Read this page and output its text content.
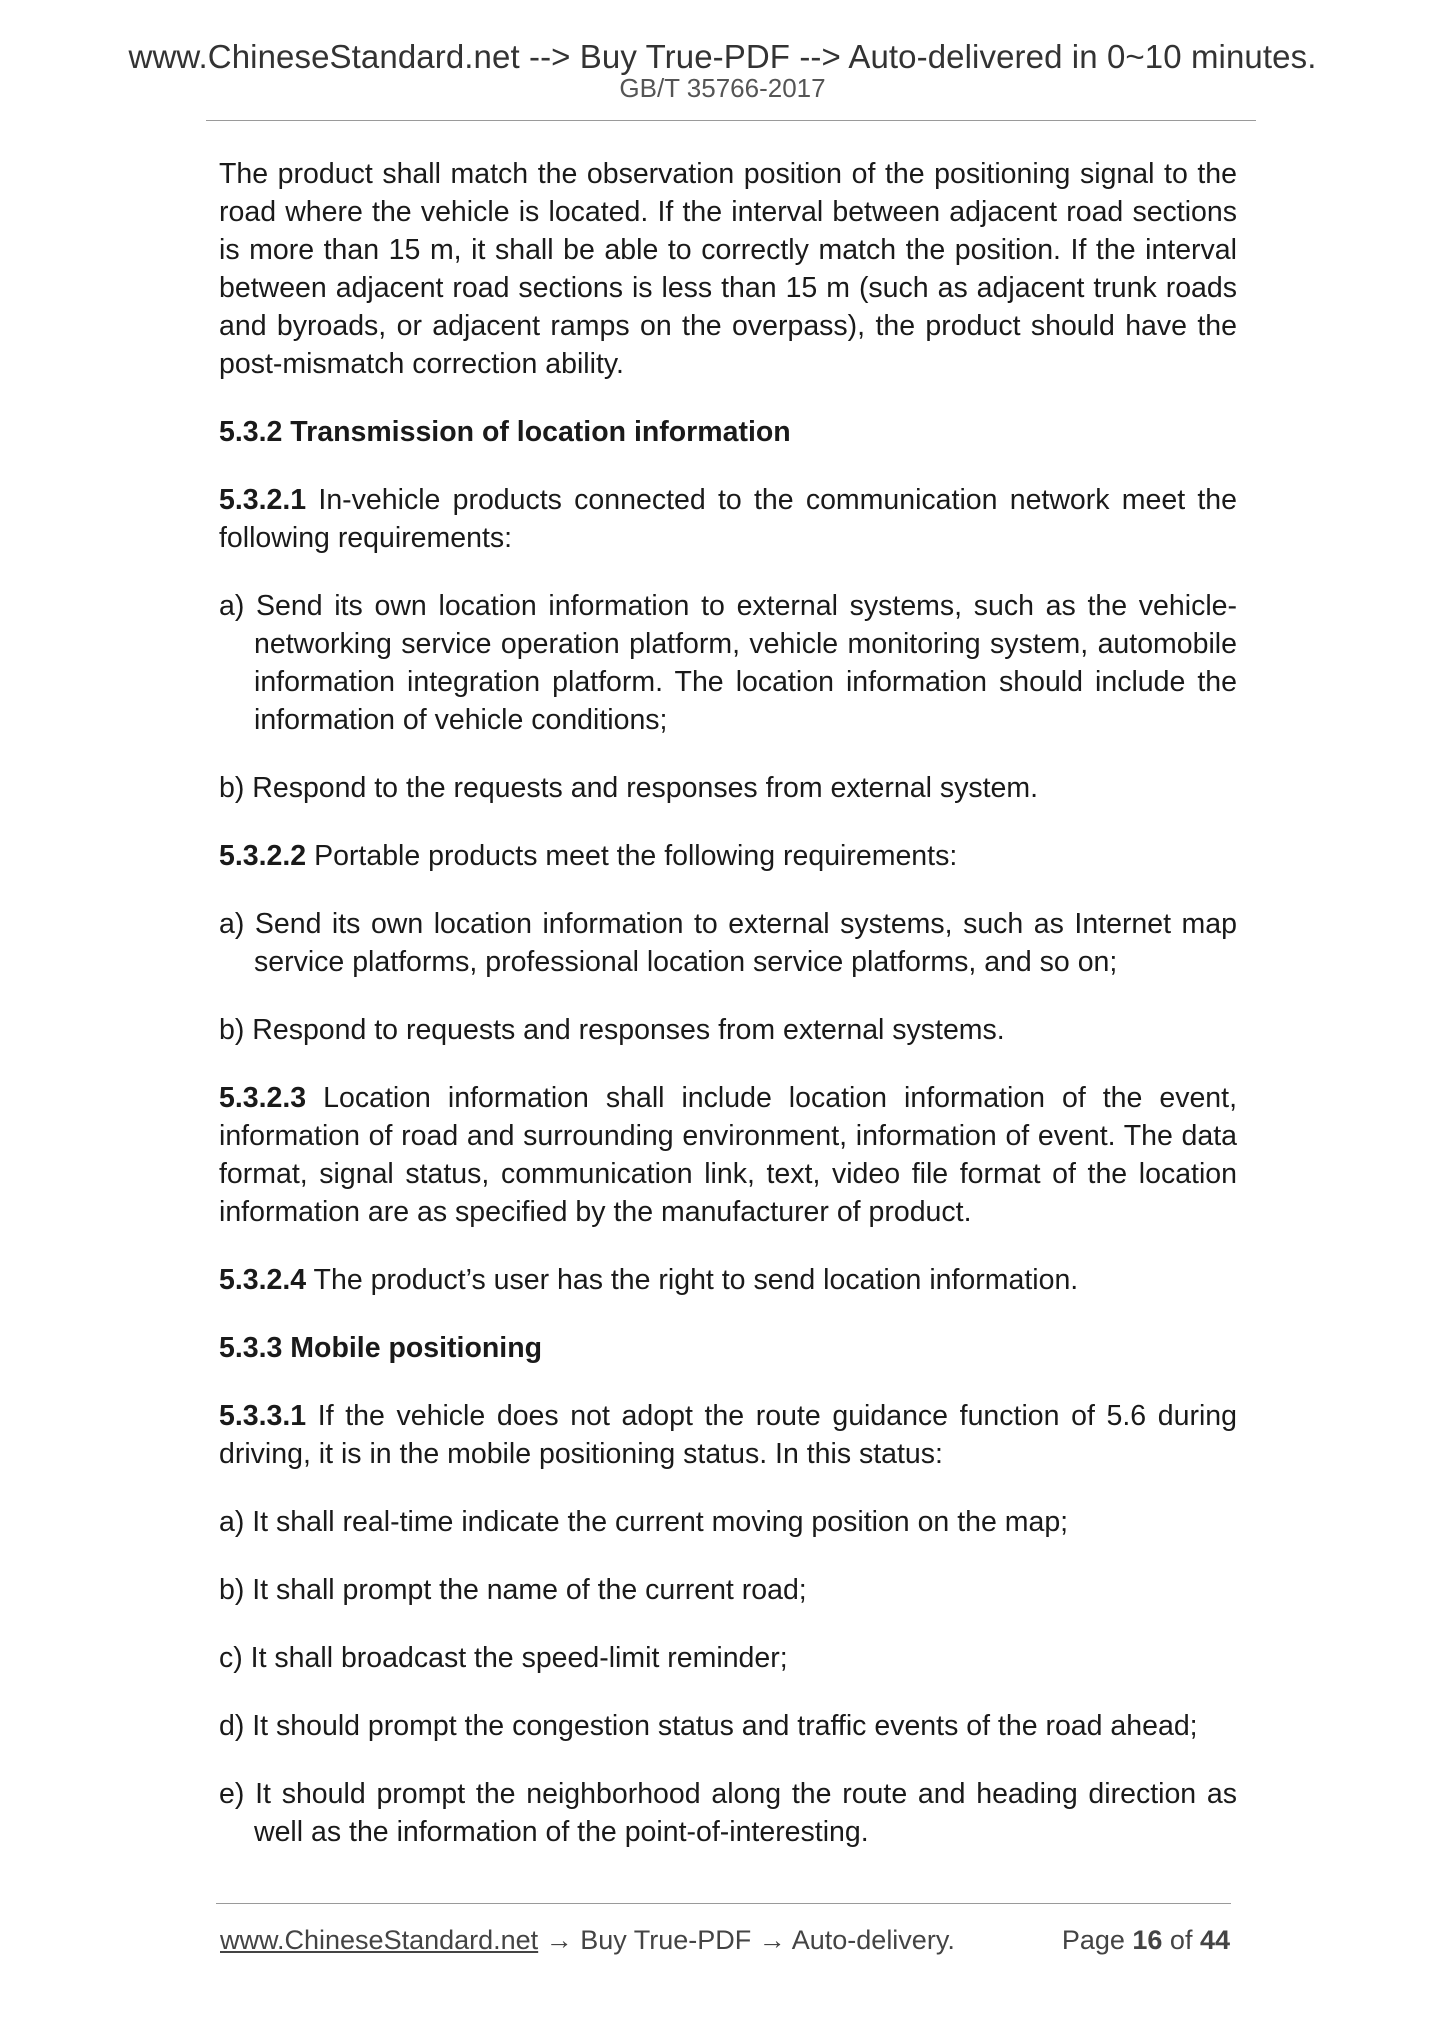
www.ChineseStandard.net --> Buy True-PDF --> Auto-delivered in 0~10 minutes.
GB/T 35766-2017

The product shall match the observation position of the positioning signal to the road where the vehicle is located. If the interval between adjacent road sections is more than 15 m, it shall be able to correctly match the position. If the interval between adjacent road sections is less than 15 m (such as adjacent trunk roads and byroads, or adjacent ramps on the overpass), the product should have the post-mismatch correction ability.

5.3.2 Transmission of location information

5.3.2.1 In-vehicle products connected to the communication network meet the following requirements:

a) Send its own location information to external systems, such as the vehicle-networking service operation platform, vehicle monitoring system, automobile information integration platform. The location information should include the information of vehicle conditions;

b) Respond to the requests and responses from external system.

5.3.2.2 Portable products meet the following requirements:

a) Send its own location information to external systems, such as Internet map service platforms, professional location service platforms, and so on;

b) Respond to requests and responses from external systems.

5.3.2.3 Location information shall include location information of the event, information of road and surrounding environment, information of event. The data format, signal status, communication link, text, video file format of the location information are as specified by the manufacturer of product.

5.3.2.4 The product’s user has the right to send location information.

5.3.3 Mobile positioning

5.3.3.1 If the vehicle does not adopt the route guidance function of 5.6 during driving, it is in the mobile positioning status. In this status:

a) It shall real-time indicate the current moving position on the map;

b) It shall prompt the name of the current road;

c) It shall broadcast the speed-limit reminder;

d) It should prompt the congestion status and traffic events of the road ahead;

e) It should prompt the neighborhood along the route and heading direction as well as the information of the point-of-interesting.

www.ChineseStandard.net → Buy True-PDF → Auto-delivery.	Page 16 of 44
